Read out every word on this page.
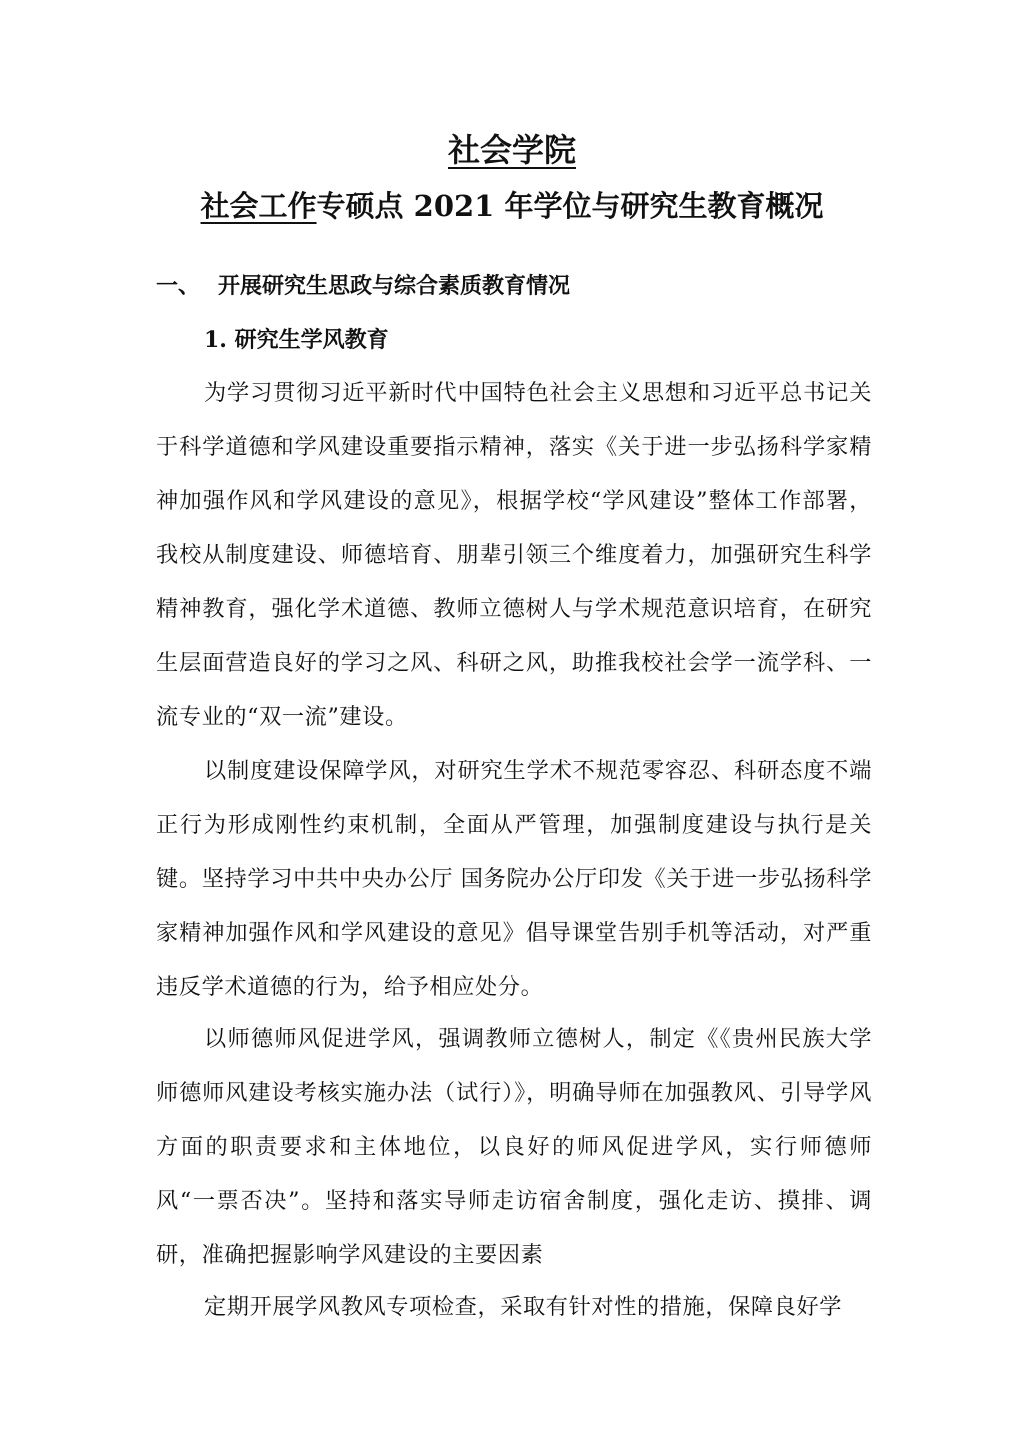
社会学院
社会工作专硕点 2021 年学位与研究生教育概况
一、 开展研究生思政与综合素质教育情况
1. 研究生学风教育

为学习贯彻习近平新时代中国特色社会主义思想和习近平总书记关于科学道德和学风建设重要指示精神，落实《关于进一步弘扬科学家精神加强作风和学风建设的意见》，根据学校“学风建设”整体工作部署，我校从制度建设、师德培育、朋辈引领三个维度着力，加强研究生科学精神教育，强化学术道德、教师立德树人与学术规范意识培育，在研究生层面营造良好的学习之风、科研之风，助推我校社会学一流学科、一流专业的“双一流”建设。

以制度建设保障学风，对研究生学术不规范零容忍、科研态度不端正行为形成刚性约束机制，全面从严管理，加强制度建设与执行是关键。坚持学习中共中央办公厅 国务院办公厅印发《关于进一步弘扬科学家精神加强作风和学风建设的意见》倡导课堂告别手机等活动，对严重违反学术道德的行为，给予相应处分。

以师德师风促进学风，强调教师立德树人，制定《《贵州民族大学师德师风建设考核实施办法（试行）》，明确导师在加强教风、引导学风方面的职责要求和主体地位，以良好的师风促进学风，实行师德师风“一票否决”。坚持和落实导师走访宿舍制度，强化走访、摸排、调研，准确把握影响学风建设的主要因素

定期开展学风教风专项检查，采取有针对性的措施，保障良好学
